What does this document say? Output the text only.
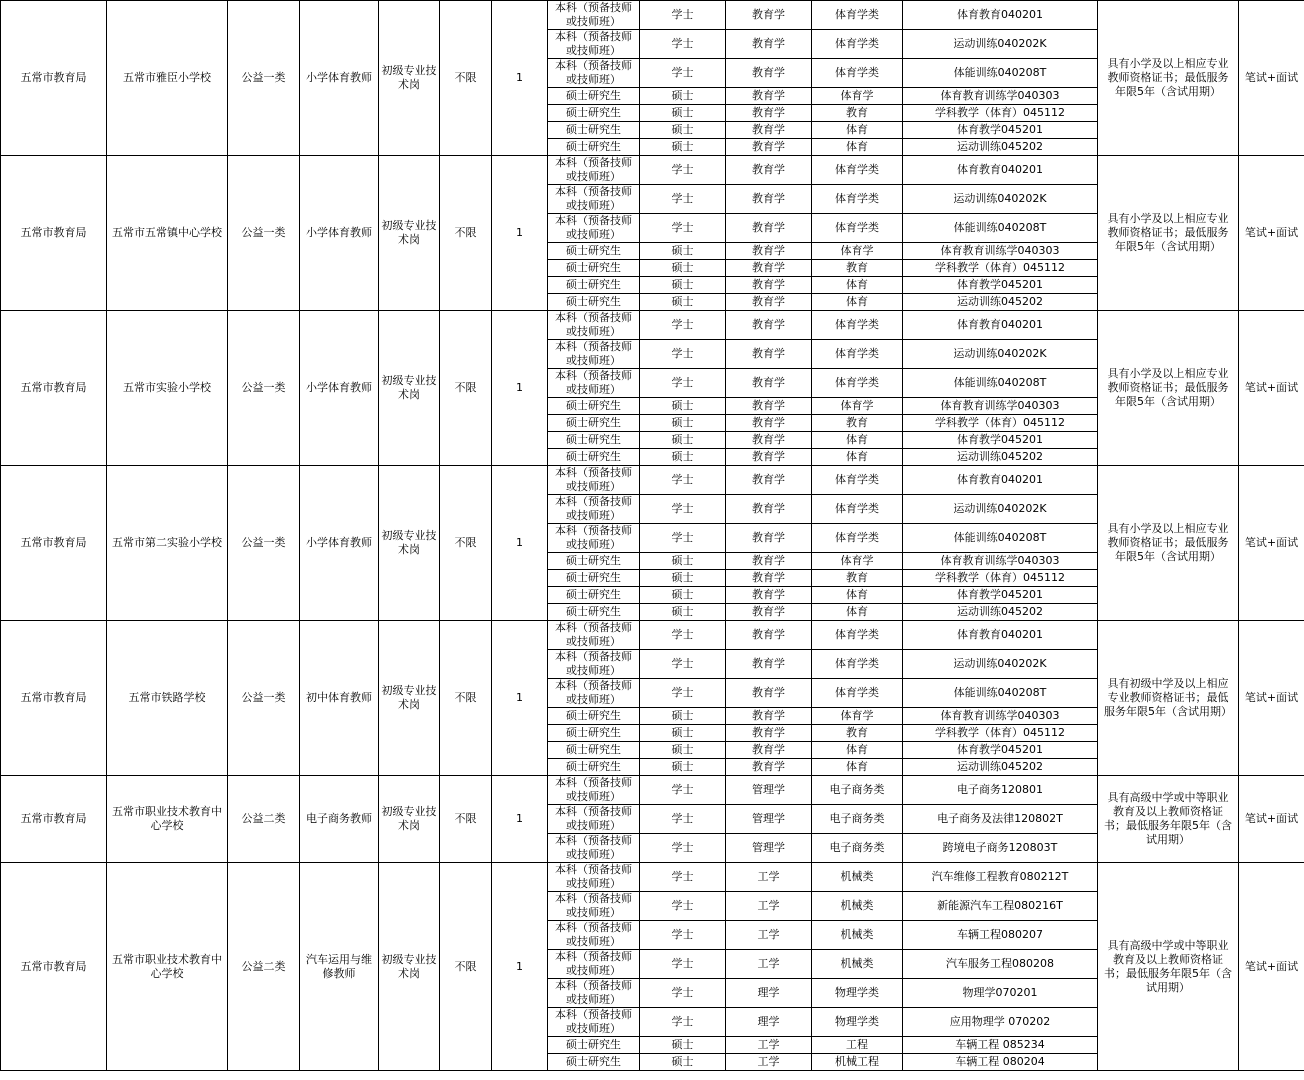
五常市教育局	五常市雅臣小学校	公益一类	小学体育教师	初级专业技术岗	不限	1	本科（预备技师或技师班）	学士	教育学	体育学类	体育教育040201	具有小学及以上相应专业教师资格证书；最低服务年限5年（含试用期）	笔试+面试
							本科（预备技师或技师班）	学士	教育学	体育学类	运动训练040202K		
							本科（预备技师或技师班）	学士	教育学	体育学类	体能训练040208T		
							硕士研究生	硕士	教育学	体育学	体育教育训练学040303		
							硕士研究生	硕士	教育学	教育	学科教学（体育）045112		
							硕士研究生	硕士	教育学	体育	体育教学045201		
							硕士研究生	硕士	教育学	体育	运动训练045202		
五常市教育局	五常市五常镇中心学校	公益一类	小学体育教师	初级专业技术岗	不限	1	本科（预备技师或技师班）	学士	教育学	体育学类	体育教育040201	具有小学及以上相应专业教师资格证书；最低服务年限5年（含试用期）	笔试+面试
							本科（预备技师或技师班）	学士	教育学	体育学类	运动训练040202K		
							本科（预备技师或技师班）	学士	教育学	体育学类	体能训练040208T		
							硕士研究生	硕士	教育学	体育学	体育教育训练学040303		
							硕士研究生	硕士	教育学	教育	学科教学（体育）045112		
							硕士研究生	硕士	教育学	体育	体育教学045201		
							硕士研究生	硕士	教育学	体育	运动训练045202		
五常市教育局	五常市实验小学校	公益一类	小学体育教师	初级专业技术岗	不限	1	本科（预备技师或技师班）	学士	教育学	体育学类	体育教育040201	具有小学及以上相应专业教师资格证书；最低服务年限5年（含试用期）	笔试+面试
							本科（预备技师或技师班）	学士	教育学	体育学类	运动训练040202K		
							本科（预备技师或技师班）	学士	教育学	体育学类	体能训练040208T		
							硕士研究生	硕士	教育学	体育学	体育教育训练学040303		
							硕士研究生	硕士	教育学	教育	学科教学（体育）045112		
							硕士研究生	硕士	教育学	体育	体育教学045201		
							硕士研究生	硕士	教育学	体育	运动训练045202		
五常市教育局	五常市第二实验小学校	公益一类	小学体育教师	初级专业技术岗	不限	1	本科（预备技师或技师班）	学士	教育学	体育学类	体育教育040201	具有小学及以上相应专业教师资格证书；最低服务年限5年（含试用期）	笔试+面试
							本科（预备技师或技师班）	学士	教育学	体育学类	运动训练040202K		
							本科（预备技师或技师班）	学士	教育学	体育学类	体能训练040208T		
							硕士研究生	硕士	教育学	体育学	体育教育训练学040303		
							硕士研究生	硕士	教育学	教育	学科教学（体育）045112		
							硕士研究生	硕士	教育学	体育	体育教学045201		
							硕士研究生	硕士	教育学	体育	运动训练045202		
五常市教育局	五常市铁路学校	公益一类	初中体育教师	初级专业技术岗	不限	1	本科（预备技师或技师班）	学士	教育学	体育学类	体育教育040201	具有初级中学及以上相应专业教师资格证书；最低服务年限5年（含试用期）	笔试+面试
							本科（预备技师或技师班）	学士	教育学	体育学类	运动训练040202K		
							本科（预备技师或技师班）	学士	教育学	体育学类	体能训练040208T		
							硕士研究生	硕士	教育学	体育学	体育教育训练学040303		
							硕士研究生	硕士	教育学	教育	学科教学（体育）045112		
							硕士研究生	硕士	教育学	体育	体育教学045201		
							硕士研究生	硕士	教育学	体育	运动训练045202		
五常市教育局	五常市职业技术教育中心学校	公益二类	电子商务教师	初级专业技术岗	不限	1	本科（预备技师或技师班）	学士	管理学	电子商务类	电子商务120801	具有高级中学或中等职业教育及以上教师资格证书；最低服务年限5年（含试用期）	笔试+面试
							本科（预备技师或技师班）	学士	管理学	电子商务类	电子商务及法律120802T		
							本科（预备技师或技师班）	学士	管理学	电子商务类	跨境电子商务120803T		
五常市教育局	五常市职业技术教育中心学校	公益二类	汽车运用与维修教师	初级专业技术岗	不限	1	本科（预备技师或技师班）	学士	工学	机械类	汽车维修工程教育080212T	具有高级中学或中等职业教育及以上教师资格证书；最低服务年限5年（含试用期）	笔试+面试
							本科（预备技师或技师班）	学士	工学	机械类	新能源汽车工程080216T		
							本科（预备技师或技师班）	学士	工学	机械类	车辆工程080207		
							本科（预备技师或技师班）	学士	工学	机械类	汽车服务工程080208		
							本科（预备技师或技师班）	学士	理学	物理学类	物理学070201		
							本科（预备技师或技师班）	学士	理学	物理学类	应用物理学 070202		
							硕士研究生	硕士	工学	工程	车辆工程 085234		
							硕士研究生	硕士	工学	机械工程	车辆工程 080204		
